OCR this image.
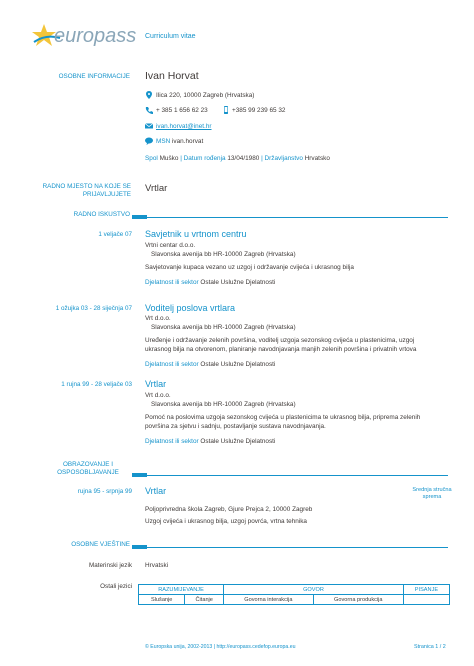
europass Curriculum vitae
OSOBNE INFORMACIJE Ivan Horvat
Ilica 220, 10000 Zagreb (Hrvatska)
+ 385 1 656 62 23	+385 99 239 65 32
ivan.horvat@inet.hr
MSN ivan.horvat
Spol Muško | Datum rođenja 13/04/1980 | Državljanstvo Hrvatsko
RADNO MJESTO NA KOJE SE PRIJAVLJUJETE
Vrtlar
RADNO ISKUSTVO
1 veljače 07 Savjetnik u vrtnom centru
Vrtni centar d.o.o.
Slavonska avenija bb HR-10000 Zagreb (Hrvatska)
Savjetovanje kupaca vezano uz uzgoj i održavanje cvijeća i ukrasnog bilja
Djelatnost ili sektor Ostale Uslužne Djelatnosti
1 ožujka 03 - 28 siječnja 07 Voditelj poslova vrtlara
Vrt d.o.o.
Slavonska avenija bb HR-10000 Zagreb (Hrvatska)
Uređenje i održavanje zelenih površina, voditelj uzgoja sezonskog cvijeća u plastenicima, uzgoj
ukrasnog bilja na otvorenom, planiranje navodnjavanja manjih zelenih površina i privatnih vrtova
Djelatnost ili sektor Ostale Uslužne Djelatnosti
1 rujna 99 - 28 veljače 03 Vrtlar
Vrt d.o.o.
Slavonska avenija bb HR-10000 Zagreb (Hrvatska)
Pomoć na poslovima uzgoja sezonskog cvijeća u plastenicima te ukrasnog bilja, priprema zelenih
površina za sjetvu i sadnju, postavljanje sustava navodnjavanja.
Djelatnost ili sektor Ostale Uslužne Djelatnosti
OBRAZOVANJE I OSPOSOBLJAVANJE
rujna 95 - srpnja 99 Vrtlar	Srednja stručna sprema
Poljoprivredna škola Zagreb, Gjure Prejca 2, 10000 Zagreb
Uzgoj cvijeća i ukrasnog bilja, uzgoj povrća, vrtna tehnika
OSOBNE VJEŠTINE
Materinski jezik Hrvatski
Ostali jezici	RAZUMIJEVANJE		GOVOR		PISANJE
Slušanje	Čitanje	Govorna interakcija	Govorna produkcija	
© Europska unija, 2002-2013 | http://europass.cedefop.europa.eu	Stranica 1 / 2
